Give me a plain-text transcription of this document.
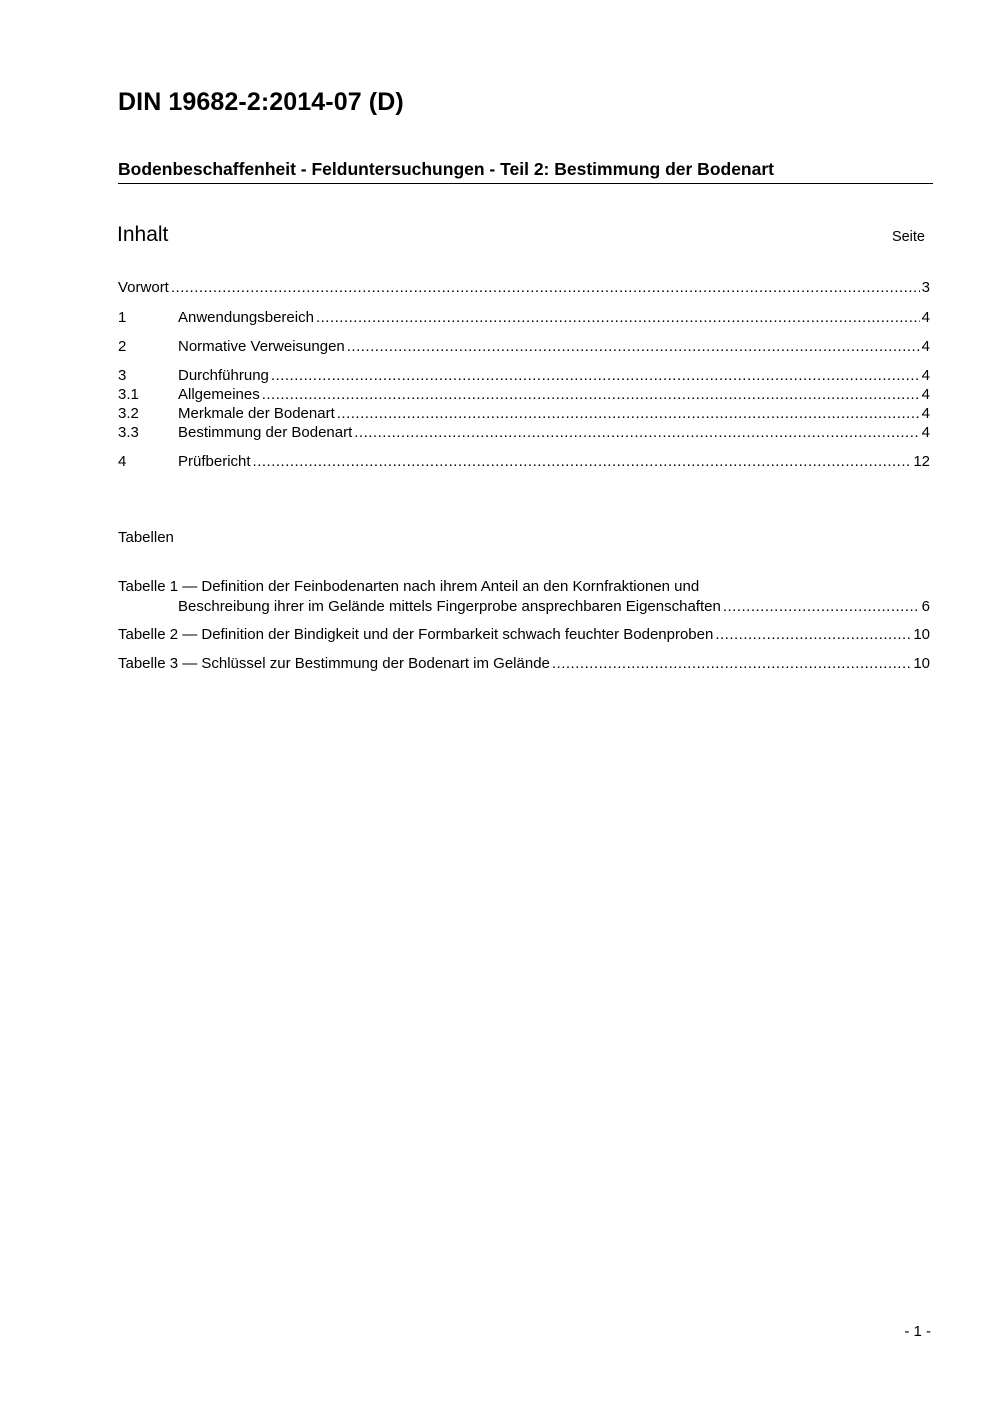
DIN 19682-2:2014-07 (D)
Bodenbeschaffenheit - Felduntersuchungen - Teil 2: Bestimmung der Bodenart
Inhalt	Seite
Vorwort .....	3
1	Anwendungsbereich .....	4
2	Normative Verweisungen .....	4
3	Durchführung .....	4
3.1	Allgemeines .....	4
3.2	Merkmale der Bodenart .....	4
3.3	Bestimmung der Bodenart .....	4
4	Prüfbericht .....	12
Tabellen
Tabelle 1 — Definition der Feinbodenarten nach ihrem Anteil an den Kornfraktionen und
Beschreibung ihrer im Gelände mittels Fingerprobe ansprechbaren Eigenschaften .....	6
Tabelle 2 — Definition der Bindigkeit und der Formbarkeit schwach feuchter Bodenproben .....	10
Tabelle 3 — Schlüssel zur Bestimmung der Bodenart im Gelände .....	10
- 1 -
